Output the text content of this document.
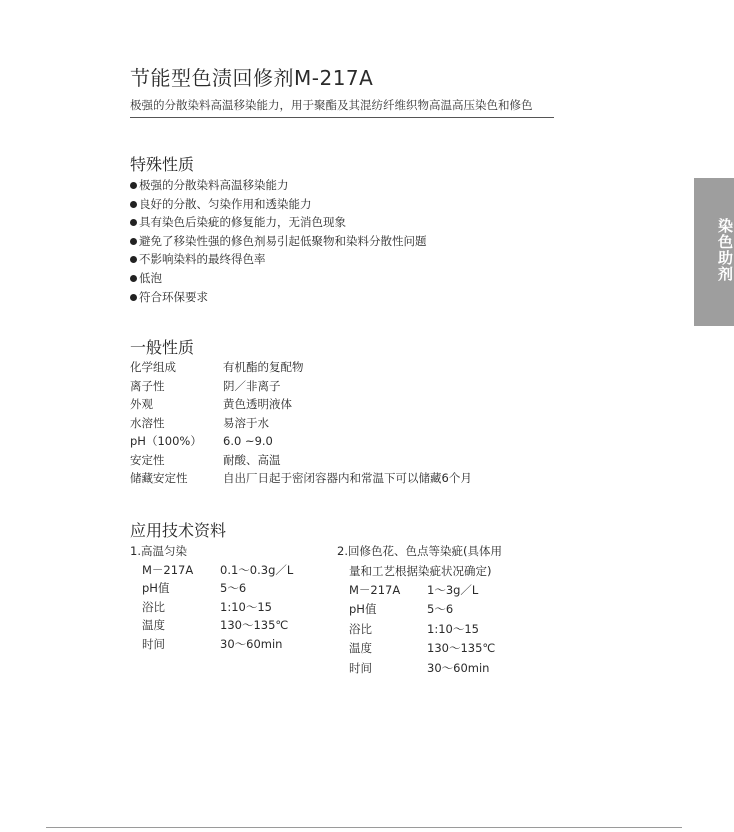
节能型色渍回修剂M-217A
极强的分散染料高温移染能力，用于聚酯及其混纺纤维织物高温高压染色和修色
特殊性质
极强的分散染料高温移染能力
良好的分散、匀染作用和透染能力
具有染色后染疵的修复能力，无消色现象
避免了移染性强的修色剂易引起低聚物和染料分散性问题
不影响染料的最终得色率
低泡
符合环保要求
一般性质
化学组成	有机酯的复配物
离子性	阴／非离子
外观	黄色透明液体
水溶性	易溶于水
pH（100%） 6.0 ~9.0
安定性	耐酸、高温
储藏安定性	自出厂日起于密闭容器内和常温下可以储藏6个月
应用技术资料
1.高温匀染
M－217A 0.1～0.3g／L
pH值	5～6
浴比	1:10～15
温度	130～135℃
时间	30～60min
2.回修色花、色点等染疵(具体用
量和工艺根据染疵状况确定)
M－217A 1～3g／L
pH值	5～6
浴比	1:10～15
温度	130～135℃
时间	30～60min
染色助剂
